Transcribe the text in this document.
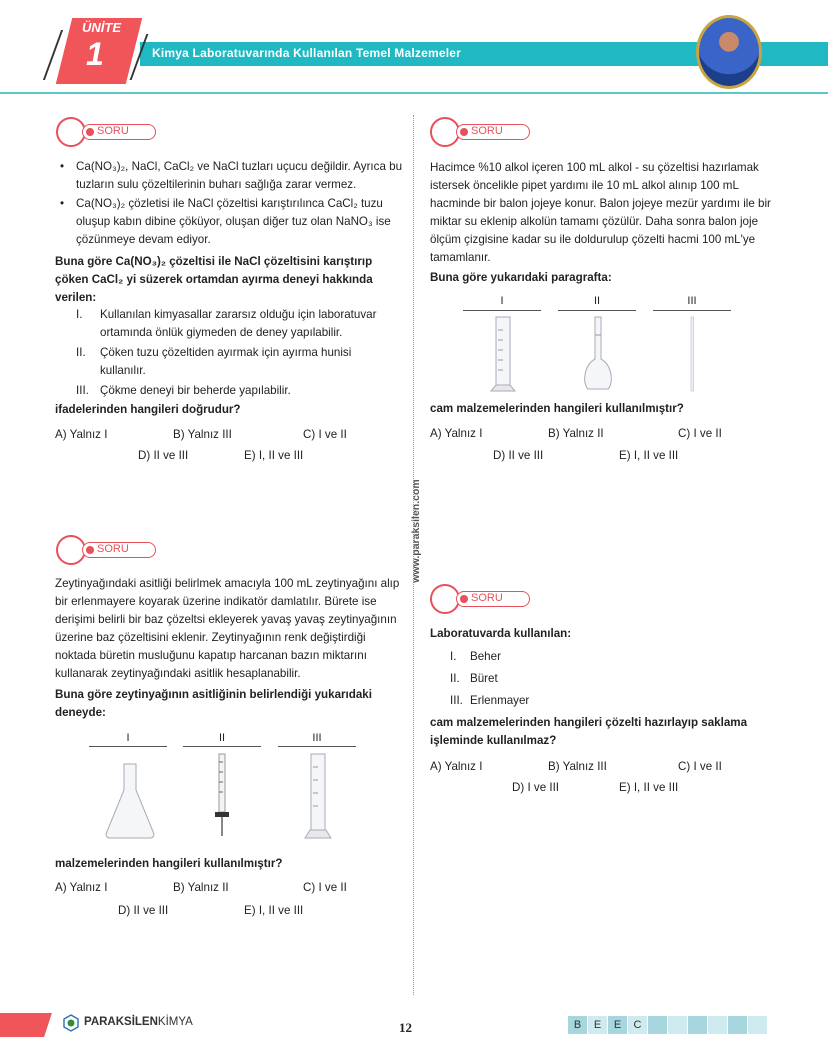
Kimya Laboratuvarında Kullanılan Temel Malzemeler
ÜNİTE
1
www.paraksilen.com
SORU
• Ca(NO₃)₂, NaCl, CaCl₂ ve NaCl tuzları uçucu değildir. Ayrıca bu tuzların sulu çözeltilerinin buharı sağlığa zarar vermez.
• Ca(NO₃)₂ çözletisi ile NaCl çözeltisi karıştırılınca CaCl₂ tuzu oluşup kabın dibine çöküyor, oluşan diğer tuz olan NaNO₃ ise çözünmeye devam ediyor.
Buna göre Ca(NO₃)₂ çözeltisi ile NaCl çözeltisini karıştırıp çöken CaCl₂ yi süzerek ortamdan ayırma deneyi hakkında verilen:
I. Kullanılan kimyasallar zararsız olduğu için laboratuvar ortamında önlük giymeden de deney yapılabilir.
II. Çöken tuzu çözeltiden ayırmak için ayırma hunisi kullanılır.
III. Çökme deneyi bir beherde yapılabilir.
ifadelerinden hangileri doğrudur?
A) Yalnız I	B) Yalnız III	C) I ve II
D) II ve III	E) I, II ve III
SORU
Hacimce %10 alkol içeren 100 mL alkol - su çözeltisi hazırlamak istersek öncelikle pipet yardımı ile 10 mL alkol alınıp 100 mL hacminde bir balon jojeye konur. Balon jojeye mezür yardımı ile bir miktar su eklenip alkolün tamamı çözülür. Daha sonra balon joje ölçüm çizgisine kadar su ile doldurulup çözelti hacmi 100 mL'ye tamamlanır.
Buna göre yukarıdaki paragrafta:
I	II	III
cam malzemelerinden hangileri kullanılmıştır?
A) Yalnız I	B) Yalnız II	C) I ve II
D) II ve III	E) I, II ve III
SORU
Zeytinyağındaki asitliği belirlmek amacıyla 100 mL zeytinyağını alıp bir erlenmayere koyarak üzerine indikatör damlatılır. Bürete ise derişimi belirli bir baz çözeltsi ekleyerek yavaş yavaş zeytinyağının üzerine baz çözeltisini eklenir. Zeytinyağının renk değiştirdiği noktada büretin musluğunu kapatıp harcanan bazın miktarını kullanarak zeytinyağındaki asitlik hesaplanabilir.
Buna göre zeytinyağının asitliğinin belirlendiği yukarıdaki deneyde:
I	II	III
malzemelerinden hangileri kullanılmıştır?
A) Yalnız I	B) Yalnız II	C) I ve II
D) II ve III	E) I, II ve III
SORU
Laboratuvarda kullanılan:
I. Beher
II. Büret
III. Erlenmayer
cam malzemelerinden hangileri çözelti hazırlayıp saklama işleminde kullanılmaz?
A) Yalnız I	B) Yalnız III	C) I ve II
D) I ve III	E) I, II ve III
PARAKSİLENKİMYA	12	B	E	E	C
